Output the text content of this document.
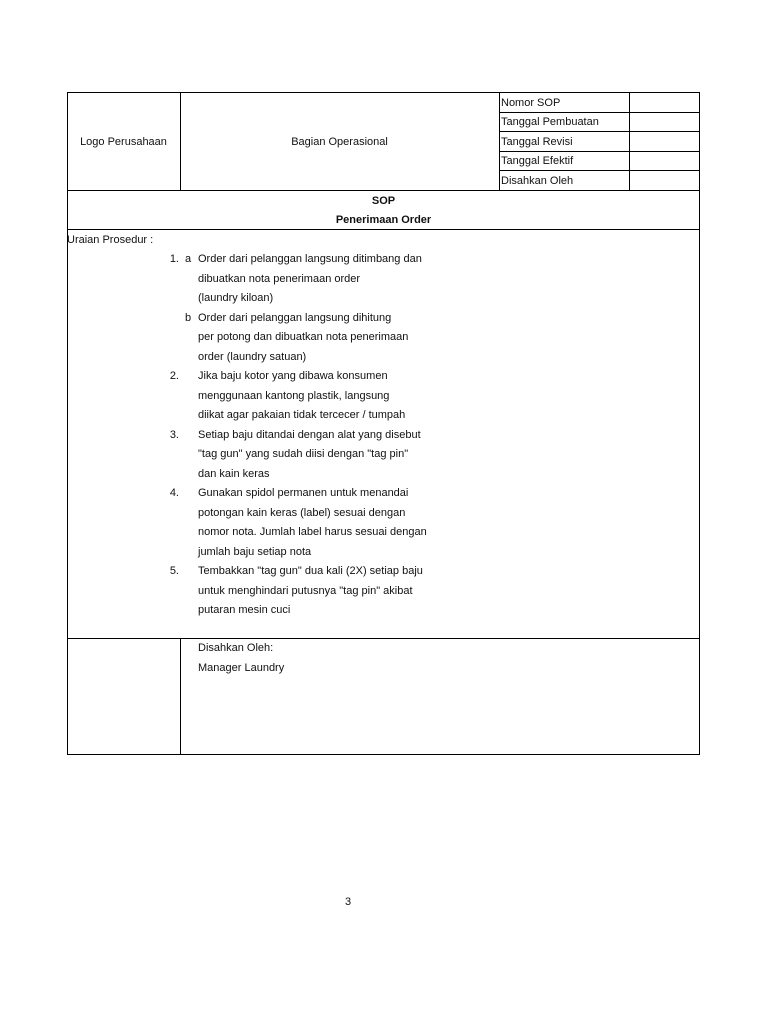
Logo Perusahaan	Bagian Operasional
Nomor SOP
Tanggal Pembuatan
Tanggal Revisi
Tanggal Efektif
Disahkan Oleh
SOP
Penerimaan Order
Uraian Prosedur :
1. a Order dari pelanggan langsung ditimbang dan
dibuatkan nota penerimaan order
(laundry kiloan)
b Order dari pelanggan langsung dihitung
per potong dan dibuatkan nota penerimaan
order (laundry satuan)
2. Jika baju kotor yang dibawa konsumen
menggunaan kantong plastik, langsung
diikat agar pakaian tidak tercecer / tumpah
3. Setiap baju ditandai dengan alat yang disebut
"tag gun" yang sudah diisi dengan "tag pin"
dan kain keras
4. Gunakan spidol permanen untuk menandai
potongan kain keras (label) sesuai dengan
nomor nota. Jumlah label harus sesuai dengan
jumlah baju setiap nota
5. Tembakkan "tag gun" dua kali (2X) setiap baju
untuk menghindari putusnya "tag pin" akibat
putaran mesin cuci
Disahkan Oleh:
Manager Laundry
3
